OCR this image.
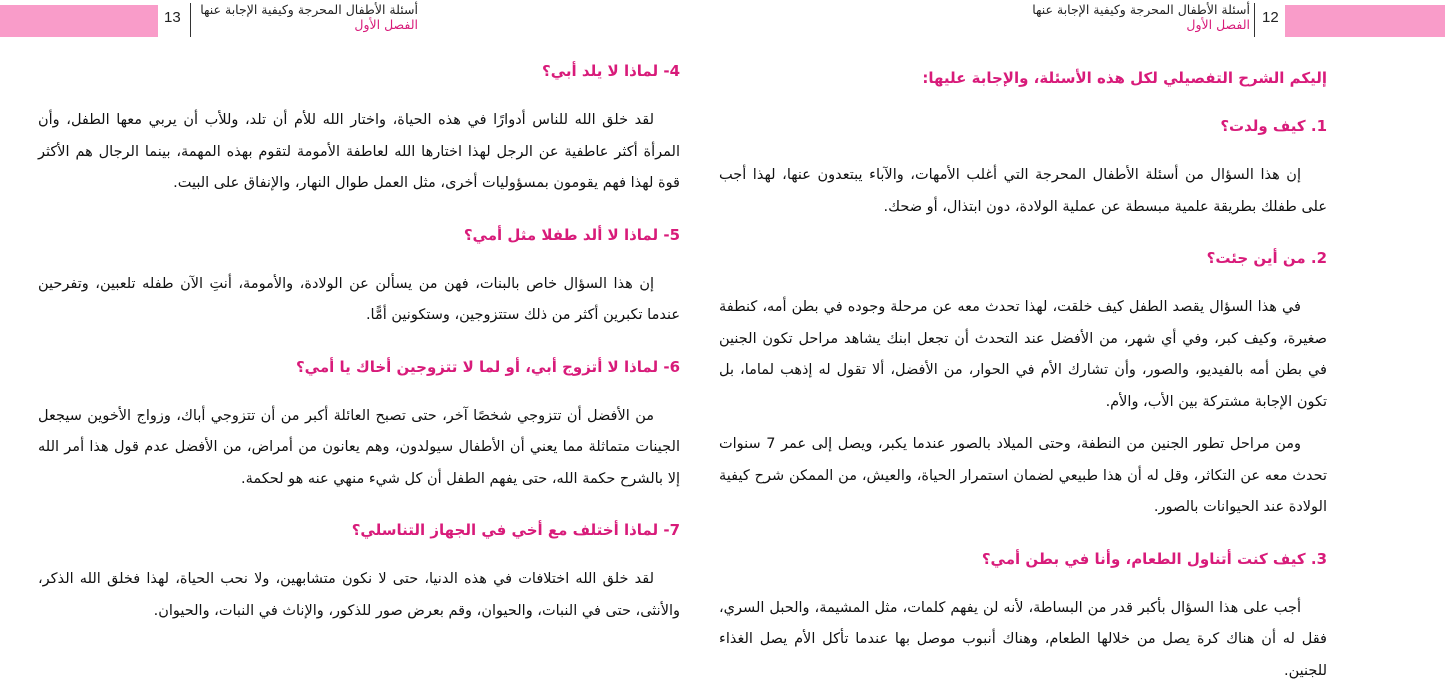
13 أسئلة الأطفال المحرجة وكيفية الإجابة عنها
الفصل الأول

4- لماذا لا يلد أبي؟

لقد خلق الله للناس أدوارًا في هذه الحياة، واختار الله للأم أن تلد، وللأب أن يربي معها الطفل، وأن المرأة أكثر عاطفية عن الرجل لهذا اختارها الله لعاطفة الأمومة لتقوم بهذه المهمة، بينما الرجال هم الأكثر قوة لهذا فهم يقومون بمسؤوليات أخرى، مثل العمل طوال النهار، والإنفاق على البيت.

5- لماذا لا ألد طفلا مثل أمي؟

إن هذا السؤال خاص بالبنات، فهن من يسألن عن الولادة، والأمومة، أنتِ الآن طفله تلعبين، وتفرحين عندما تكبرين أكثر من ذلك ستتزوجين، وستكونين أمًّا.

6- لماذا لا أتزوج أبي، أو لما لا تتزوجين أخاك يا أمي؟

من الأفضل أن تتزوجي شخصًا آخر، حتى تصبح العائلة أكبر من أن تتزوجي أباك، وزواج الأخوين سيجعل الجينات متماثلة مما يعني أن الأطفال سيولدون، وهم يعانون من أمراض، من الأفضل عدم قول هذا أمر الله إلا بالشرح حكمة الله، حتى يفهم الطفل أن كل شيء منهي عنه هو لحكمة.

7- لماذا أختلف مع أخي في الجهاز التناسلي؟

لقد خلق الله اختلافات في هذه الدنيا، حتى لا نكون متشابهين، ولا نحب الحياة، لهذا فخلق الله الذكر، والأنثى، حتى في النبات، والحيوان، وقم بعرض صور للذكور، والإناث في النبات، والحيوان.

12
أسئلة الأطفال المحرجة وكيفية الإجابة عنها
الفصل الأول

إليكم الشرح التفصيلي لكل هذه الأسئلة، والإجابة عليها:

1. كيف ولدت؟

إن هذا السؤال من أسئلة الأطفال المحرجة التي أغلب الأمهات، والآباء يبتعدون عنها، لهذا أجب على طفلك بطريقة علمية مبسطة عن عملية الولادة، دون ابتذال، أو ضحك.

2. من أين جئت؟

في هذا السؤال يقصد الطفل كيف خلقت، لهذا تحدث معه عن مرحلة وجوده في بطن أمه، كنطفة صغيرة، وكيف كبر، وفي أي شهر، من الأفضل عند التحدث أن تجعل ابنك يشاهد مراحل تكون الجنين في بطن أمه بالفيديو، والصور، وأن تشارك الأم في الحوار، من الأفضل، ألا تقول له إذهب لماما، بل تكون الإجابة مشتركة بين الأب، والأم.

ومن مراحل تطور الجنين من النطفة، وحتى الميلاد بالصور عندما يكبر، ويصل إلى عمر 7 سنوات تحدث معه عن التكاثر، وقل له أن هذا طبيعي لضمان استمرار الحياة، والعيش، من الممكن شرح كيفية الولادة عند الحيوانات بالصور.

3. كيف كنت أتناول الطعام، وأنا في بطن أمي؟

أجب على هذا السؤال بأكبر قدر من البساطة، لأنه لن يفهم كلمات، مثل المشيمة، والحبل السري، فقل له أن هناك كرة يصل من خلالها الطعام، وهناك أنبوب موصل بها عندما تأكل الأم يصل الغذاء للجنين.
